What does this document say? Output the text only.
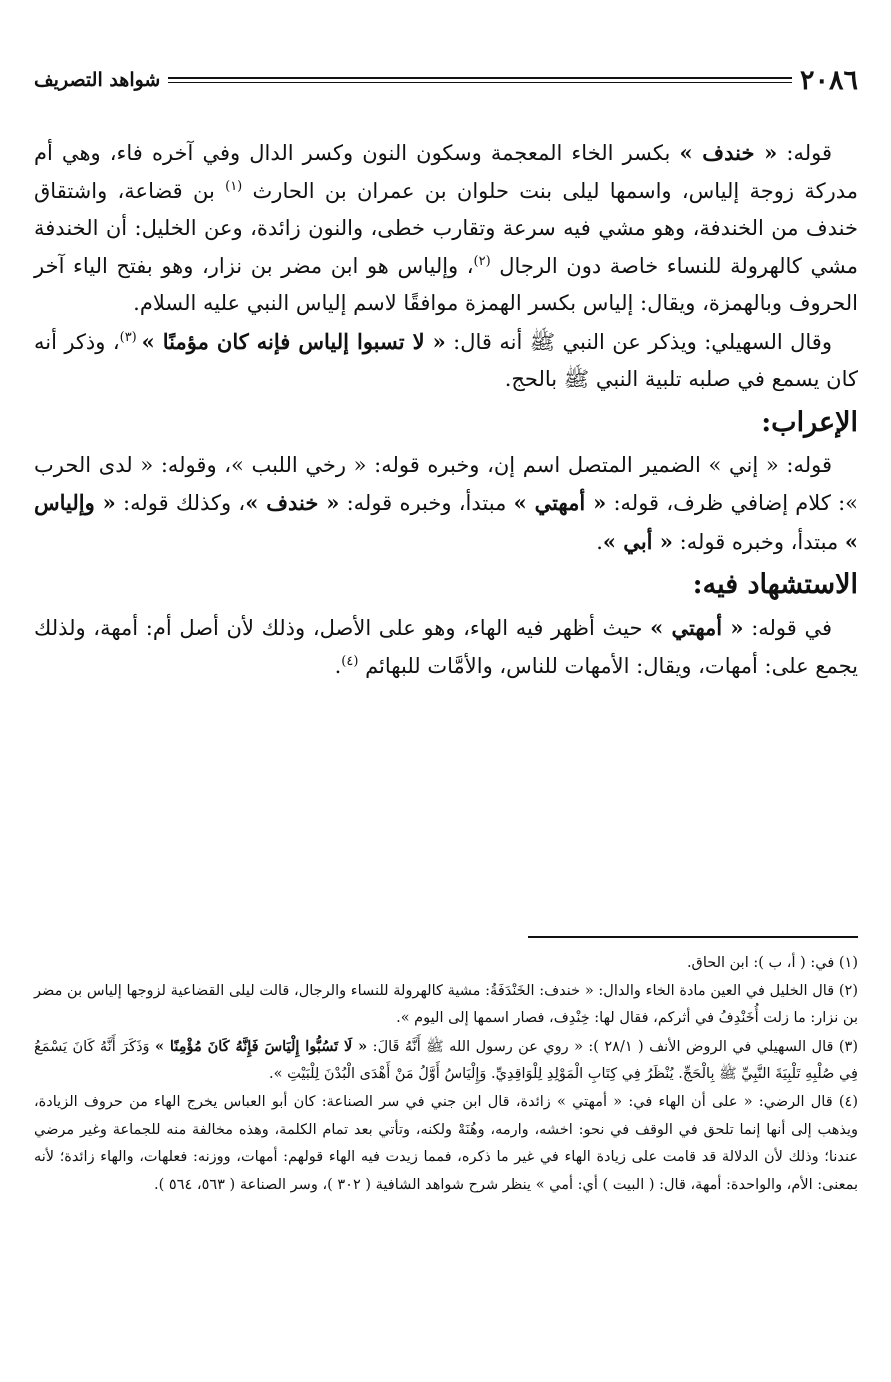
٢٠٨٦
شواهد التصريف

قوله: « خندف » بكسر الخاء المعجمة وسكون النون وكسر الدال وفي آخره فاء، وهي أم مدركة زوجة إلياس، واسمها ليلى بنت حلوان بن عمران بن الحارث $^{(١)}$ بن قضاعة، واشتقاق خندف من الخندفة، وهو مشي فيه سرعة وتقارب خطى، والنون زائدة، وعن الخليل: أن الخندفة مشي كالهرولة للنساء خاصة دون الرجال $^{(٢)}$، وإلياس هو ابن مضر بن نزار، وهو بفتح الياء آخر الحروف وبالهمزة، ويقال: إلياس بكسر الهمزة موافقًا لاسم إلياس النبي عليه السلام.

وقال السهيلي: ويذكر عن النبي ﷺ أنه قال: « لا تسبوا إلياس فإنه كان مؤمنًا » $^{(٣)}$، وذكر أنه كان يسمع في صلبه تلبية النبي ﷺ بالحج.

الإعراب:

قوله: « إني » الضمير المتصل اسم إن، وخبره قوله: « رخي اللبب »، وقوله: « لدى الحرب »: كلام إضافي ظرف، قوله: « أمهتي » مبتدأ، وخبره قوله: « خندف »، وكذلك قوله: « وإلياس » مبتدأ، وخبره قوله: « أبي ».

الاستشهاد فيه:

في قوله: « أمهتي » حيث أظهر فيه الهاء، وهو على الأصل، وذلك لأن أصل أم: أمهة، ولذلك يجمع على: أمهات، ويقال: الأمهات للناس، والأمَّات للبهائم $^{(٤)}$.

(١) في: ( أ، ب ): ابن الحاق.

(٢) قال الخليل في العين مادة الخاء والدال: « خندف: الخَنْدَفَةُ: مشية كالهرولة للنساء والرجال، قالت ليلى القضاعية لزوجها إلياس بن مضر بن نزار: ما زلت أُخَنْدِفُ في أثركم، فقال لها: خِنْدِف، فصار اسمها إلى اليوم ».

(٣) قال السهيلي في الروض الأنف ( ٢٨/١ ): « روي عن رسول الله ﷺ أَنَّهُ قَالَ: « لَا تَسُبُّوا إِلْيَاسَ فَإِنَّهُ كَانَ مُؤْمِنًا » وَذَكَرَ أَنَّهُ كَانَ يَسْمَعُ فِي صُلْبِهِ تَلْبِيَةَ النَّبِيِّ ﷺ بِالْحَجِّ. يُنْظَرُ فِي كِتَابِ الْمَوْلِدِ لِلْوَاقِدِيِّ. وَإِلْيَاسُ أَوَّلُ مَنْ أَهْدَى الْبُدْنَ لِلْبَيْتِ ».

(٤) قال الرضي: « على أن الهاء في: « أمهتي » زائدة، قال ابن جني في سر الصناعة: كان أبو العباس يخرج الهاء من حروف الزيادة، ويذهب إلى أنها إنما تلحق في الوقف في نحو: اخشه، وارمه، وهُنَهْ ولكنه، وتأتي بعد تمام الكلمة، وهذه مخالفة منه للجماعة وغير مرضي عندنا؛ وذلك لأن الدلالة قد قامت على زيادة الهاء في غير ما ذكره، فمما زيدت فيه الهاء قولهم: أمهات، ووزنه: فعلهات، والهاء زائدة؛ لأنه بمعنى: الأم، والواحدة: أمهة، قال: ( البيت ) أي: أمي » ينظر شرح شواهد الشافية ( ٣٠٢ )، وسر الصناعة ( ٥٦٣، ٥٦٤ ).
